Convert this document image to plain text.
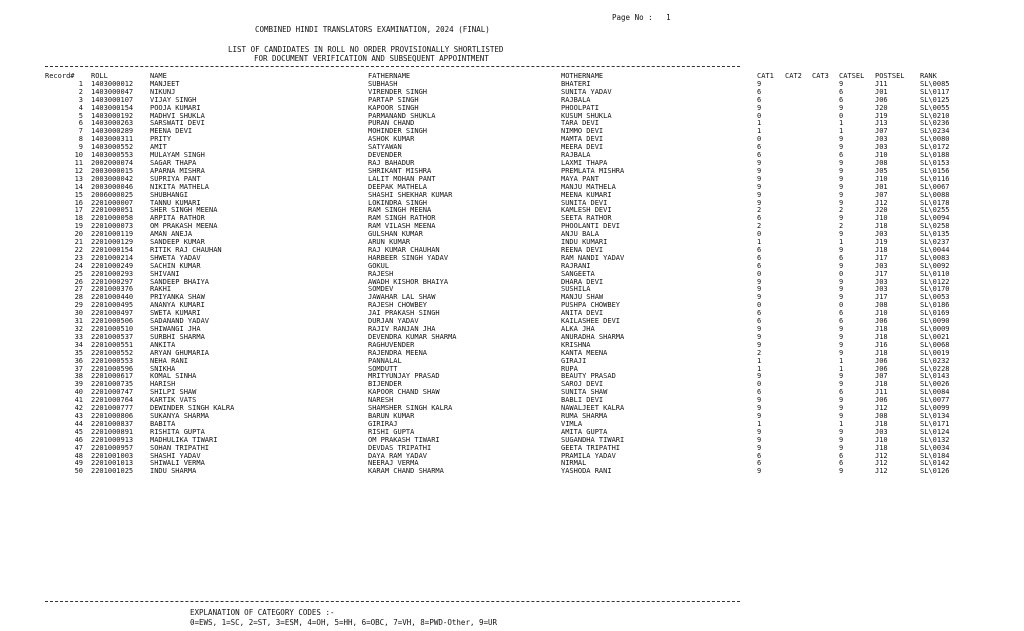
Page No :   1
COMBINED HINDI TRANSLATORS EXAMINATION, 2024 (FINAL)
LIST OF CANDIDATES IN ROLL NO ORDER PROVISIONALLY SHORTLISTED
FOR DOCUMENT VERIFICATION AND SUBSEQUENT APPOINTMENT
Record#	ROLL	NAME	FATHERNAME	MOTHERNAME	CAT1	CAT2	CAT3	CATSEL	POSTSEL	RANK
1	1403000012	MANJEET	SUBHASH	BHATERI	9			9	J11	SL\0085
2	1403000047	NIKUNJ	VIRENDER SINGH	SUNITA YADAV	6			6	J01	SL\0117
3	1403000107	VIJAY SINGH	PARTAP SINGH	RAJBALA	6			6	J06	SL\0125
4	1403000154	POOJA KUMARI	KAPOOR SINGH	PHOOLPATI	9			9	J20	SL\0055
5	1403000192	MADHVI SHUKLA	PARMANAND SHUKLA	KUSUM SHUKLA	0			0	J19	SL\0210
6	1403000263	SARSWATI DEVI	PURAN CHAND	TARA DEVI	1			1	J13	SL\0236
7	1403000289	MEENA DEVI	MOHINDER SINGH	NIMMO DEVI	1			1	J07	SL\0234
8	1403000311	PRITY	ASHOK KUMAR	MAMTA DEVI	0			9	J03	SL\0080
9	1403000552	AMIT	SATYAWAN	MEERA DEVI	6			9	J03	SL\0172
10	1403000553	MULAYAM SINGH	DEVENDER	RAJBALA	6			6	J10	SL\0188
11	2002000074	SAGAR THAPA	RAJ BAHADUR	LAXMI THAPA	9			9	J08	SL\0153
12	2003000015	APARNA MISHRA	SHRIKANT MISHRA	PREMLATA MISHRA	9			9	J05	SL\0156
13	2003000042	SUPRIYA PANT	LALIT MOHAN PANT	MAYA PANT	9			9	J10	SL\0116
14	2003000046	NIKITA MATHELA	DEEPAK MATHELA	MANJU MATHELA	9			9	J01	SL\0067
15	2006000025	SHUBHANGI	SHASHI SHEKHAR KUMAR	MEENA KUMARI	9			9	J07	SL\0088
16	2201000007	TANNU KUMARI	LOKINDRA SINGH	SUNITA DEVI	9			9	J12	SL\0178
17	2201000051	SHER SINGH MEENA	RAM SINGH MEENA	KAMLESH DEVI	2			2	J20	SL\0255
18	2201000058	ARPITA RATHOR	RAM SINGH RATHOR	SEETA RATHOR	6			9	J10	SL\0094
19	2201000073	OM PRAKASH MEENA	RAM VILASH MEENA	PHOOLANTI DEVI	2			2	J18	SL\0258
20	2201000119	AMAN ANEJA	GULSHAN KUMAR	ANJU BALA	0			9	J03	SL\0135
21	2201000129	SANDEEP KUMAR	ARUN KUMAR	INDU KUMARI	1			1	J19	SL\0237
22	2201000154	RITIK RAJ CHAUHAN	RAJ KUMAR CHAUHAN	REENA DEVI	6			9	J18	SL\0044
23	2201000214	SHWETA YADAV	HARBEER SINGH YADAV	RAM NANDI YADAV	6			6	J17	SL\0083
24	2201000249	SACHIN KUMAR	GOKUL	RAJRANI	6			9	J03	SL\0092
25	2201000293	SHIVANI	RAJESH	SANGEETA	0			0	J17	SL\0110
26	2201000297	SANDEEP BHAIYA	AWADH KISHOR BHAIYA	DHARA DEVI	9			9	J03	SL\0122
27	2201000376	RAKHI	SOMDEV	SUSHILA	9			9	J03	SL\0170
28	2201000440	PRIYANKA SHAW	JAWAHAR LAL SHAW	MANJU SHAW	9			9	J17	SL\0053
29	2201000495	ANANYA KUMARI	RAJESH CHOWBEY	PUSHPA CHOWBEY	0			0	J08	SL\0186
30	2201000497	SWETA KUMARI	JAI PRAKASH SINGH	ANITA DEVI	6			6	J10	SL\0169
31	2201000506	SADANAND YADAV	DURJAN YADAV	KAILASHEE DEVI	6			6	J06	SL\0090
32	2201000510	SHIWANGI JHA	RAJIV RANJAN JHA	ALKA JHA	9			9	J18	SL\0009
33	2201000537	SURBHI SHARMA	DEVENDRA KUMAR SHARMA	ANURADHA SHARMA	9			9	J18	SL\0021
34	2201000551	ANKITA	RAGHUVENDER	KRISHNA	9			9	J16	SL\0068
35	2201000552	ARYAN GHUMARIA	RAJENDRA MEENA	KANTA MEENA	2			9	J18	SL\0019
36	2201000553	NEHA RANI	PANNALAL	GIRAJI	1			1	J06	SL\0232
37	2201000596	SNIKHA	SOMDUTT	RUPA	1			1	J06	SL\0228
38	2201000617	KOMAL SINHA	MRITYUNJAY PRASAD	BEAUTY PRASAD	9			9	J07	SL\0143
39	2201000735	HARISH	BIJENDER	SAROJ DEVI	0			9	J18	SL\0026
40	2201000747	SHILPI SHAW	KAPOOR CHAND SHAW	SUNITA SHAW	6			6	J11	SL\0084
41	2201000764	KARTIK VATS	NARESH	BABLI DEVI	9			9	J06	SL\0077
42	2201000777	DEWINDER SINGH KALRA	SHAMSHER SINGH KALRA	NAWALJEET KALRA	9			9	J12	SL\0099
43	2201000806	SUKANYA SHARMA	BARUN KUMAR	RUMA SHARMA	9			9	J08	SL\0134
44	2201000837	BABITA	GIRIRAJ	VIMLA	1			1	J18	SL\0171
45	2201000891	RISHITA GUPTA	RISHI GUPTA	AMITA GUPTA	9			9	J03	SL\0124
46	2201000913	MADHULIKA TIWARI	OM PRAKASH TIWARI	SUGANDHA TIWARI	9			9	J10	SL\0132
47	2201000957	SOHAN TRIPATHI	DEVDAS TRIPATHI	GEETA TRIPATHI	9			9	J18	SL\0034
48	2201001003	SHASHI YADAV	DAYA RAM YADAV	PRAMILA YADAV	6			6	J12	SL\0184
49	2201001013	SHIWALI VERMA	NEERAJ VERMA	NIRMAL	6			6	J12	SL\0142
50	2201001025	INDU SHARMA	KARAM CHAND SHARMA	YASHODA RANI	9			9	J12	SL\0126
EXPLANATION OF CATEGORY CODES :-
0=EWS, 1=SC, 2=ST, 3=ESM, 4=OH, 5=HH, 6=OBC, 7=VH, 8=PWD-Other, 9=UR
